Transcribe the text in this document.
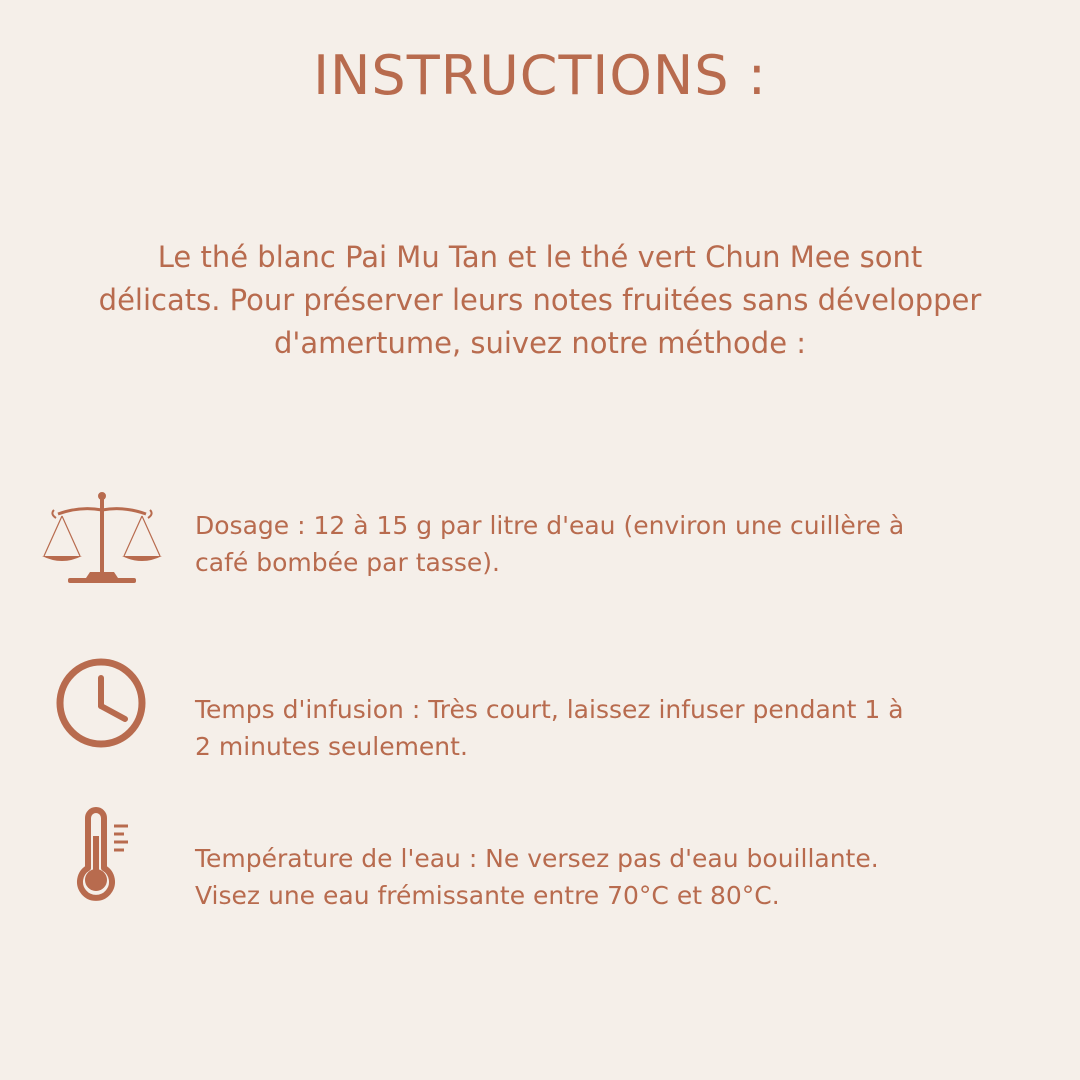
INSTRUCTIONS :
Le thé blanc Pai Mu Tan et le thé vert Chun Mee sont
délicats. Pour préserver leurs notes fruitées sans développer
d'amertume, suivez notre méthode :

Dosage : 12 à 15 g par litre d'eau (environ une cuillère à
café bombée par tasse).

Temps d'infusion : Très court, laissez infuser pendant 1 à
2 minutes seulement.

Température de l'eau : Ne versez pas d'eau bouillante.
Visez une eau frémissante entre 70°C et 80°C.
